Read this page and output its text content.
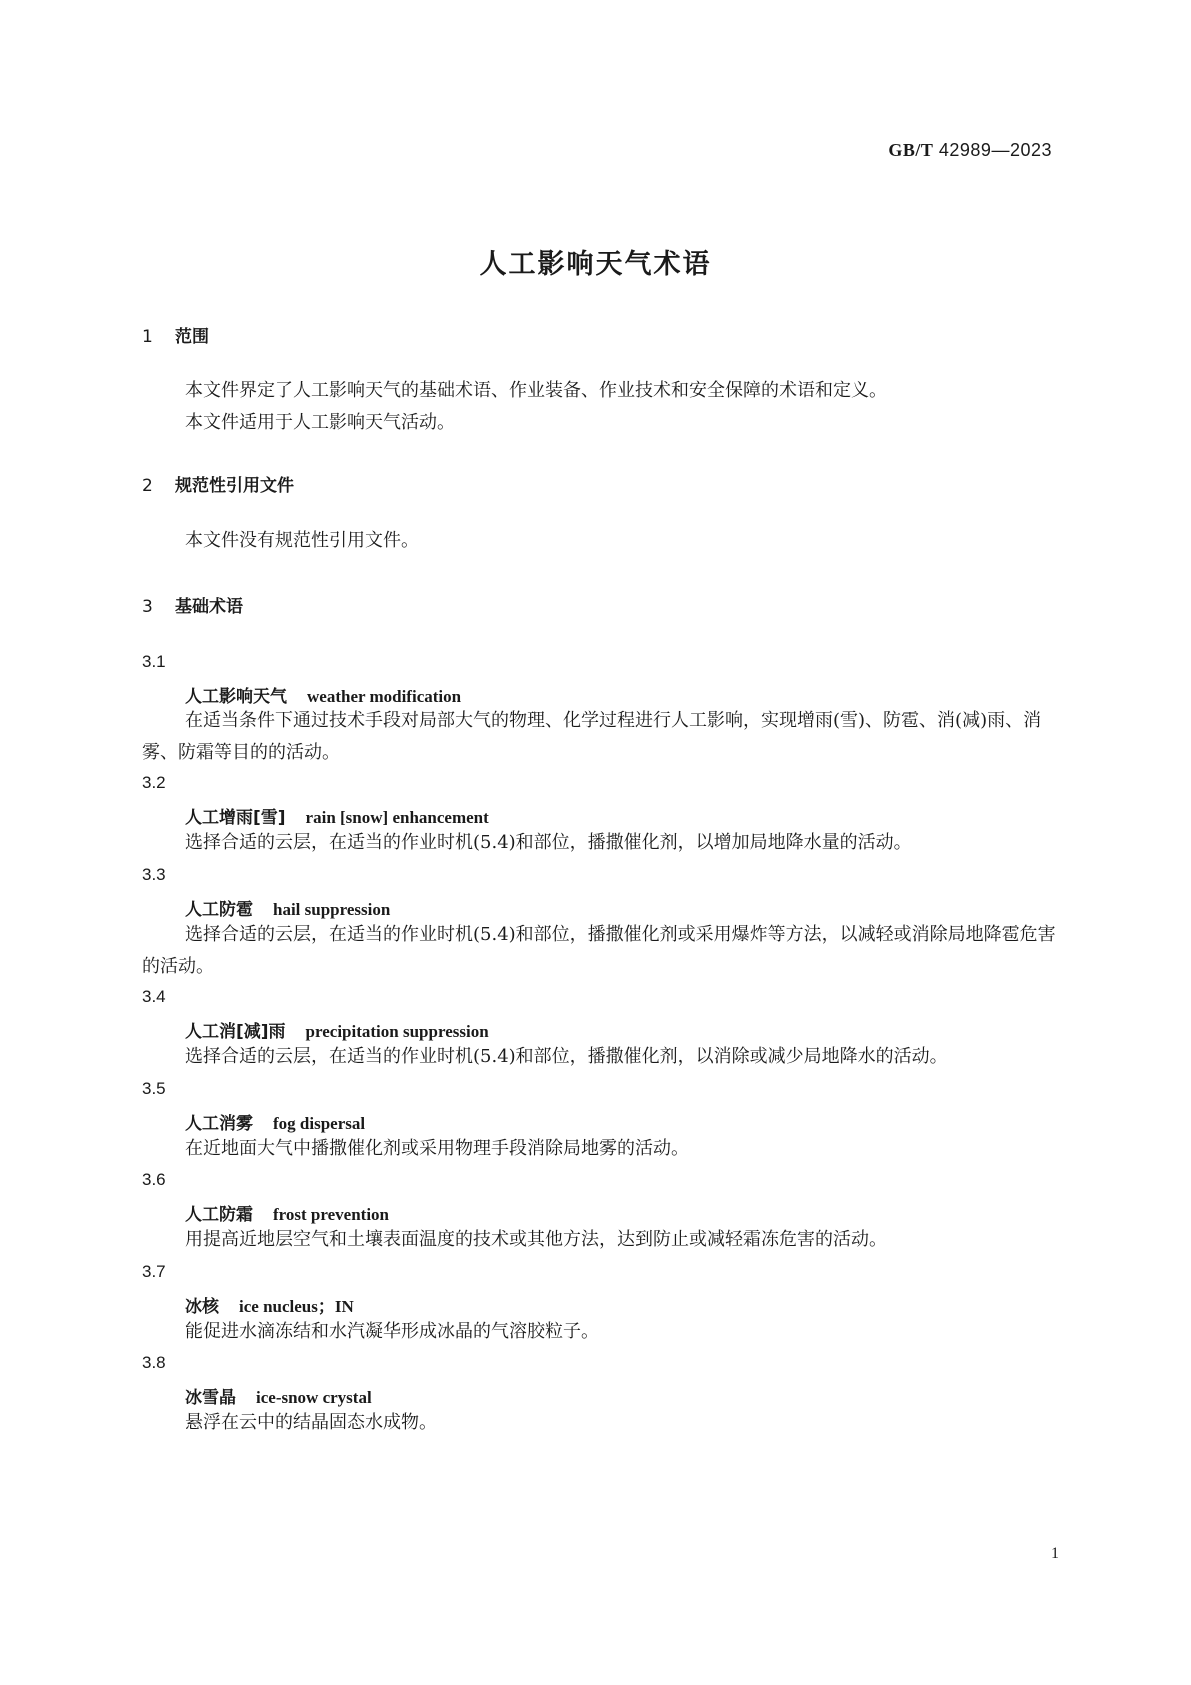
GB/T 42989—2023
人工影响天气术语
1 范围
本文件界定了人工影响天气的基础术语、作业装备、作业技术和安全保障的术语和定义。
本文件适用于人工影响天气活动。
2 规范性引用文件
本文件没有规范性引用文件。
3 基础术语
3.1
人工影响天气 weather modification
在适当条件下通过技术手段对局部大气的物理、化学过程进行人工影响，实现增雨(雪)、防雹、消(减)雨、消雾、防霜等目的的活动。
3.2
人工增雨[雪] rain [snow] enhancement
选择合适的云层，在适当的作业时机(5.4)和部位，播撒催化剂，以增加局地降水量的活动。
3.3
人工防雹 hail suppression
选择合适的云层，在适当的作业时机(5.4)和部位，播撒催化剂或采用爆炸等方法，以减轻或消除局地降雹危害的活动。
3.4
人工消[减]雨 precipitation suppression
选择合适的云层，在适当的作业时机(5.4)和部位，播撒催化剂，以消除或减少局地降水的活动。
3.5
人工消雾 fog dispersal
在近地面大气中播撒催化剂或采用物理手段消除局地雾的活动。
3.6
人工防霜 frost prevention
用提高近地层空气和土壤表面温度的技术或其他方法，达到防止或减轻霜冻危害的活动。
3.7
冰核 ice nucleus；IN
能促进水滴冻结和水汽凝华形成冰晶的气溶胶粒子。
3.8
冰雪晶 ice-snow crystal
悬浮在云中的结晶固态水成物。
1
